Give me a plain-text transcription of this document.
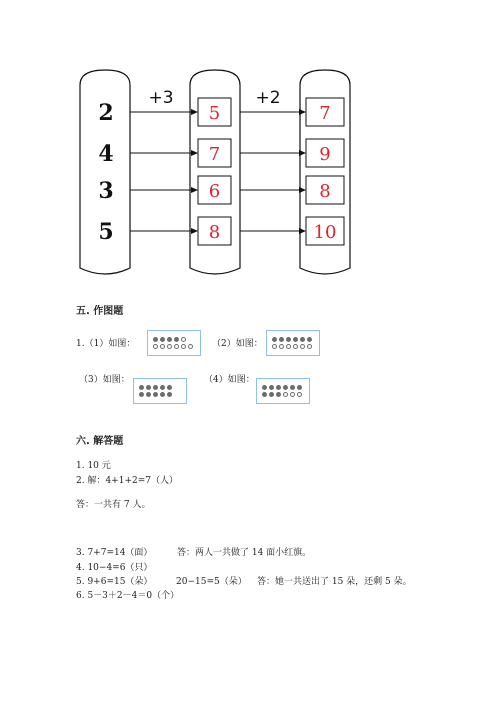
+3	+2
2	5	7
4	7	9
3	6	8
5	8	10
五. 作图题
1.（1）如图：	（2）如图：
（3）如图：	（4）如图：
六. 解答题
1. 10 元
2. 解：4+1+2=7（人）
答：一共有 7 人。
3. 7+7=14（面）	答：两人一共做了 14 面小红旗。
4. 10−4=6（只）
5. 9+6=15（朵）	20−15=5（朵） 答：她一共送出了 15 朵，还剩 5 朵。
6. 5－3＋2－4＝0（个）
